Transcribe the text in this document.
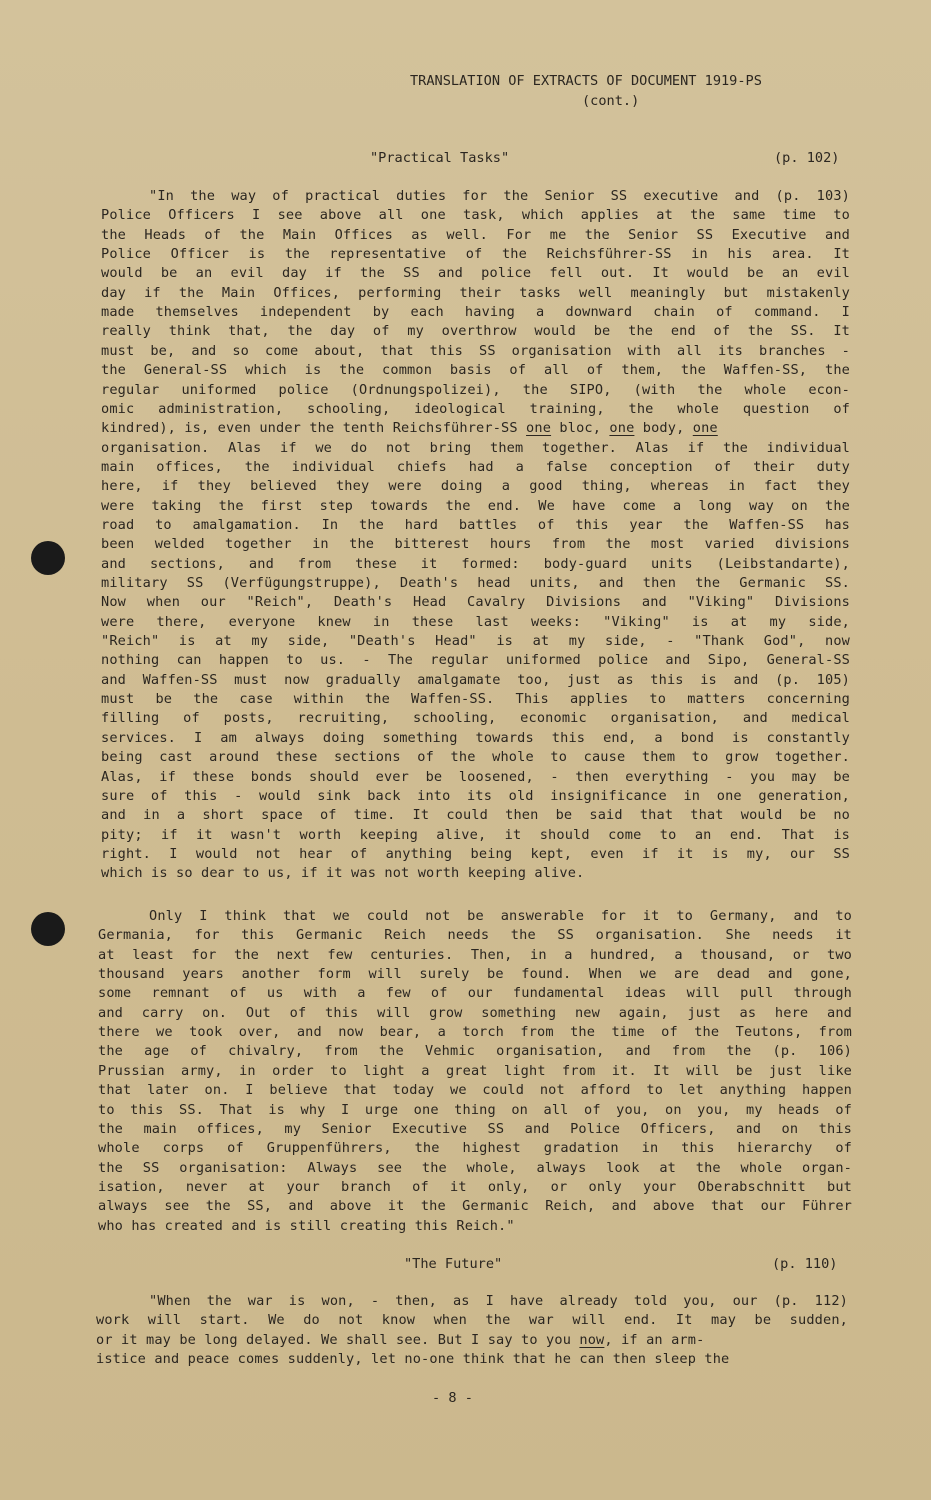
TRANSLATION OF EXTRACTS OF DOCUMENT 1919-PS

(cont.)

"Practical Tasks"	(p. 102)

"In the way of practical duties for the Senior SS executive and (p. 103)

Police Officers I see above all one task, which applies at the same time to

the Heads of the Main Offices as well. For me the Senior SS Executive and

Police Officer is the representative of the Reichsführer-SS in his area. It

would be an evil day if the SS and police fell out. It would be an evil

day if the Main Offices, performing their tasks well meaningly but mistakenly

made themselves independent by each having a downward chain of command. I

really think that, the day of my overthrow would be the end of the SS. It

must be, and so come about, that this SS organisation with all its branches -

the General-SS which is the common basis of all of them, the Waffen-SS, the

regular uniformed police (Ordnungspolizei), the SIPO, (with the whole econ-

omic administration, schooling, ideological training, the whole question of

kindred), is, even under the tenth Reichsführer-SS one bloc, one body, one

organisation. Alas if we do not bring them together. Alas if the individual

main offices, the individual chiefs had a false conception of their duty

here, if they believed they were doing a good thing, whereas in fact they

were taking the first step towards the end. We have come a long way on the

road to amalgamation. In the hard battles of this year the Waffen-SS has

been welded together in the bitterest hours from the most varied divisions

and sections, and from these it formed: body-guard units (Leibstandarte),

military SS (Verfügungstruppe), Death's head units, and then the Germanic SS.

Now when our "Reich", Death's Head Cavalry Divisions and "Viking" Divisions

were there, everyone knew in these last weeks: "Viking" is at my side,

"Reich" is at my side, "Death's Head" is at my side, - "Thank God", now

nothing can happen to us. - The regular uniformed police and Sipo, General-SS

and Waffen-SS must now gradually amalgamate too, just as this is and (p. 105)

must be the case within the Waffen-SS. This applies to matters concerning

filling of posts, recruiting, schooling, economic organisation, and medical

services. I am always doing something towards this end, a bond is constantly

being cast around these sections of the whole to cause them to grow together.

Alas, if these bonds should ever be loosened, - then everything - you may be

sure of this - would sink back into its old insignificance in one generation,

and in a short space of time. It could then be said that that would be no

pity; if it wasn't worth keeping alive, it should come to an end. That is

right. I would not hear of anything being kept, even if it is my, our SS

which is so dear to us, if it was not worth keeping alive.

Only I think that we could not be answerable for it to Germany, and to

Germania, for this Germanic Reich needs the SS organisation. She needs it

at least for the next few centuries. Then, in a hundred, a thousand, or two

thousand years another form will surely be found. When we are dead and gone,

some remnant of us with a few of our fundamental ideas will pull through

and carry on. Out of this will grow something new again, just as here and

there we took over, and now bear, a torch from the time of the Teutons, from

the age of chivalry, from the Vehmic organisation, and from the (p. 106)

Prussian army, in order to light a great light from it. It will be just like

that later on. I believe that today we could not afford to let anything happen

to this SS. That is why I urge one thing on all of you, on you, my heads of

the main offices, my Senior Executive SS and Police Officers, and on this

whole corps of Gruppenführers, the highest gradation in this hierarchy of

the SS organisation: Always see the whole, always look at the whole organ-

isation, never at your branch of it only, or only your Oberabschnitt but

always see the SS, and above it the Germanic Reich, and above that our Führer

who has created and is still creating this Reich."

"The Future"	(p. 110)

"When the war is won, - then, as I have already told you, our (p. 112)

work will start. We do not know when the war will end. It may be sudden,

or it may be long delayed. We shall see. But I say to you now, if an arm-

istice and peace comes suddenly, let no-one think that he can then sleep the

- 8 -
